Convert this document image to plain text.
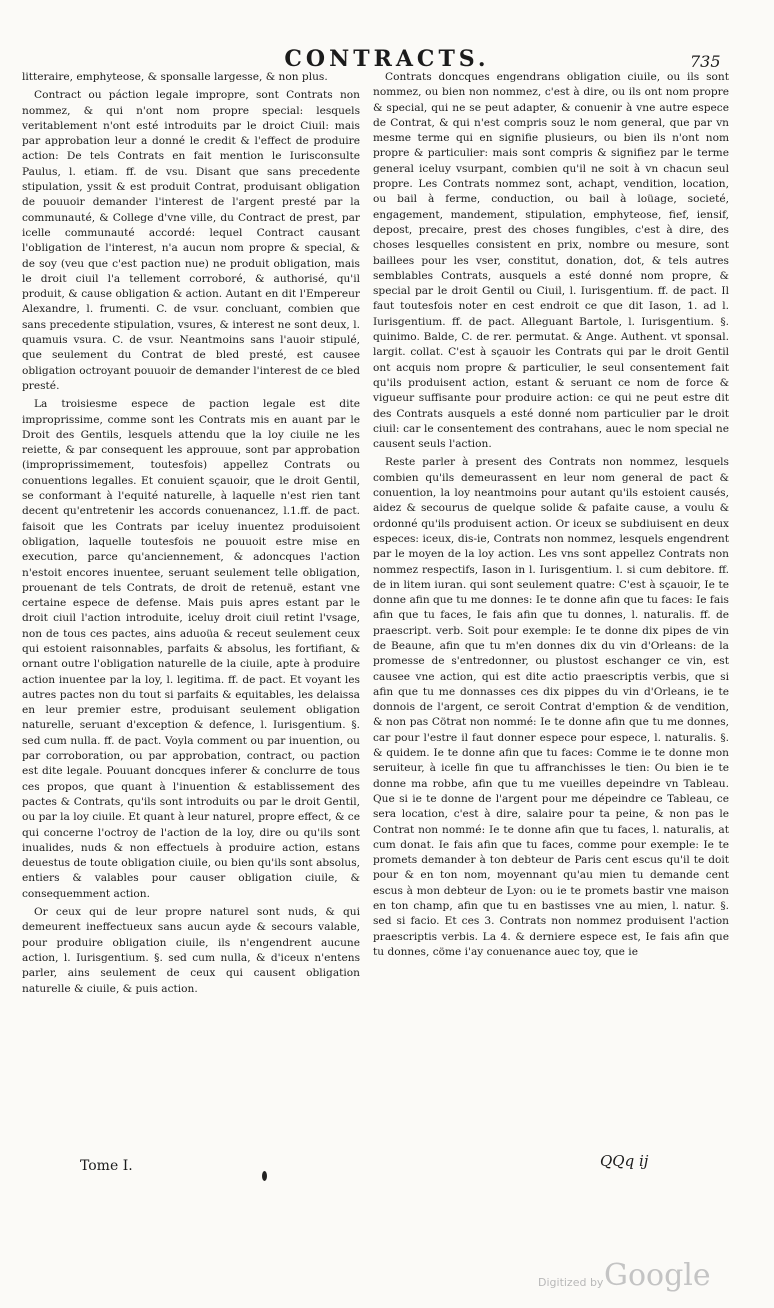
CONTRACTS.	735

litteraire, emphyteose, & sponsalle largesse, & non plus.

Contract ou páction legale impropre, sont Contrats non nommez, & qui n'ont nom propre special: lesquels veritablement n'ont esté introduits par le droict Ciuil: mais par approbation leur a donné le credit & l'effect de produire action: De tels Contrats en fait mention le Iurisconsulte Paulus, l. etiam. ff. de vsu. Disant que sans precedente stipulation, yssit & est produit Contrat, produisant obligation de pouuoir demander l'interest de l'argent presté par la communauté, & College d'vne ville, du Contract de prest, par icelle communauté accordé: lequel Contract causant l'obligation de l'interest, n'a aucun nom propre & special, & de soy (veu que c'est paction nue) ne produit obligation, mais le droit ciuil l'a tellement corroboré, & authorisé, qu'il produit, & cause obligation & action. Autant en dit l'Empereur Alexandre, l. frumenti. C. de vsur. concluant, combien que sans precedente stipulation, vsures, & interest ne sont deux, l. quamuis vsura. C. de vsur. Neantmoins sans l'auoir stipulé, que seulement du Contrat de bled presté, est causee obligation octroyant pouuoir de demander l'interest de ce bled presté.

La troisiesme espece de paction legale est dite improprissime, comme sont les Contrats mis en auant par le Droit des Gentils, lesquels attendu que la loy ciuile ne les reiette, & par consequent les approuue, sont par approbation (improprissimement, toutesfois) appellez Contrats ou conuentions legalles. Et conuient sçauoir, que le droit Gentil, se conformant à l'equité naturelle, à laquelle n'est rien tant decent qu'entretenir les accords conuenancez, l.1.ff. de pact. faisoit que les Contrats par iceluy inuentez produisoient obligation, laquelle toutesfois ne pouuoit estre mise en execution, parce qu'anciennement, & adoncques l'action n'estoit encores inuentee, seruant seulement telle obligation, prouenant de tels Contrats, de droit de retenuë, estant vne certaine espece de defense. Mais puis apres estant par le droit ciuil l'action introduite, iceluy droit ciuil retint l'vsage, non de tous ces pactes, ains aduoüa & receut seulement ceux qui estoient raisonnables, parfaits & absolus, les fortifiant, & ornant outre l'obligation naturelle de la ciuile, apte à produire action inuentee par la loy, l. legitima. ff. de pact. Et voyant les autres pactes non du tout si parfaits & equitables, les delaissa en leur premier estre, produisant seulement obligation naturelle, seruant d'exception & defence, l. Iurisgentium. §. sed cum nulla. ff. de pact. Voyla comment ou par inuention, ou par corroboration, ou par approbation, contract, ou paction est dite legale. Pouuant doncques inferer & conclurre de tous ces propos, que quant à l'inuention & establissement des pactes & Contrats, qu'ils sont introduits ou par le droit Gentil, ou par la loy ciuile. Et quant à leur naturel, propre effect, & ce qui concerne l'octroy de l'action de la loy, dire ou qu'ils sont inualides, nuds & non effectuels à produire action, estans deuestus de toute obligation ciuile, ou bien qu'ils sont absolus, entiers & valables pour causer obligation ciuile, & consequemment action.

Or ceux qui de leur propre naturel sont nuds, & qui demeurent ineffectueux sans aucun ayde & secours valable, pour produire obligation ciuile, ils n'engendrent aucune action, l. Iurisgentium. §. sed cum nulla, & d'iceux n'entens parler, ains seulement de ceux qui causent obligation naturelle & ciuile, & puis action.

Contrats doncques engendrans obligation ciuile, ou ils sont nommez, ou bien non nommez, c'est à dire, ou ils ont nom propre & special, qui ne se peut adapter, & conuenir à vne autre espece de Contrat, & qui n'est compris souz le nom general, que par vn mesme terme qui en signifie plusieurs, ou bien ils n'ont nom propre & particulier: mais sont compris & signifiez par le terme general iceluy vsurpant, combien qu'il ne soit à vn chacun seul propre. Les Contrats nommez sont, achapt, vendition, location, ou bail à ferme, conduction, ou bail à loüage, societé, engagement, mandement, stipulation, emphyteose, fief, iensif, depost, precaire, prest des choses fungibles, c'est à dire, des choses lesquelles consistent en prix, nombre ou mesure, sont baillees pour les vser, constitut, donation, dot, & tels autres semblables Contrats, ausquels a esté donné nom propre, & special par le droit Gentil ou Ciuil, l. Iurisgentium. ff. de pact. Il faut toutesfois noter en cest endroit ce que dit Iason, 1. ad l. Iurisgentium. ff. de pact. Alleguant Bartole, l. Iurisgentium. §. quinimo. Balde, C. de rer. permutat. & Ange. Authent. vt sponsal. largit. collat. C'est à sçauoir les Contrats qui par le droit Gentil ont acquis nom propre & particulier, le seul consentement fait qu'ils produisent action, estant & seruant ce nom de force & vigueur suffisante pour produire action: ce qui ne peut estre dit des Contrats ausquels a esté donné nom particulier par le droit ciuil: car le consentement des contrahans, auec le nom special ne causent seuls l'action.

Reste parler à present des Contrats non nommez, lesquels combien qu'ils demeurassent en leur nom general de pact & conuention, la loy neantmoins pour autant qu'ils estoient causés, aidez & secourus de quelque solide & pafaite cause, a voulu & ordonné qu'ils produisent action. Or iceux se subdiuisent en deux especes: iceux, dis-ie, Contrats non nommez, lesquels engendrent par le moyen de la loy action. Les vns sont appellez Contrats non nommez respectifs, Iason in l. Iurisgentium. l. si cum debitore. ff. de in litem iuran. qui sont seulement quatre: C'est à sçauoir, Ie te donne afin que tu me donnes: Ie te donne afin que tu faces: Ie fais afin que tu faces, Ie fais afin que tu donnes, l. naturalis. ff. de praescript. verb. Soit pour exemple: Ie te donne dix pipes de vin de Beaune, afin que tu m'en donnes dix du vin d'Orleans: de la promesse de s'entredonner, ou plustost eschanger ce vin, est causee vne action, qui est dite actio praescriptis verbis, que si afin que tu me donnasses ces dix pippes du vin d'Orleans, ie te donnois de l'argent, ce seroit Contrat d'emption & de vendition, & non pas Cötrat non nommé: Ie te donne afin que tu me donnes, car pour l'estre il faut donner espece pour espece, l. naturalis. §. & quidem. Ie te donne afin que tu faces: Comme ie te donne mon seruiteur, à icelle fin que tu affranchisses le tien: Ou bien ie te donne ma robbe, afin que tu me vueilles depeindre vn Tableau. Que si ie te donne de l'argent pour me dépeindre ce Tableau, ce sera location, c'est à dire, salaire pour ta peine, & non pas le Contrat non nommé: Ie te donne afin que tu faces, l. naturalis, at cum donat. Ie fais afin que tu faces, comme pour exemple: Ie te promets demander à ton debteur de Paris cent escus qu'il te doit pour & en ton nom, moyennant qu'au mien tu demande cent escus à mon debteur de Lyon: ou ie te promets bastir vne maison en ton champ, afin que tu en bastisses vne au mien, l. natur. §. sed si facio. Et ces 3. Contrats non nommez produisent l'action praescriptis verbis. La 4. & derniere espece est, Ie fais afin que tu donnes, cöme i'ay conuenance auec toy, que ie

Tome I.	QQq ij
Digitized by Google
